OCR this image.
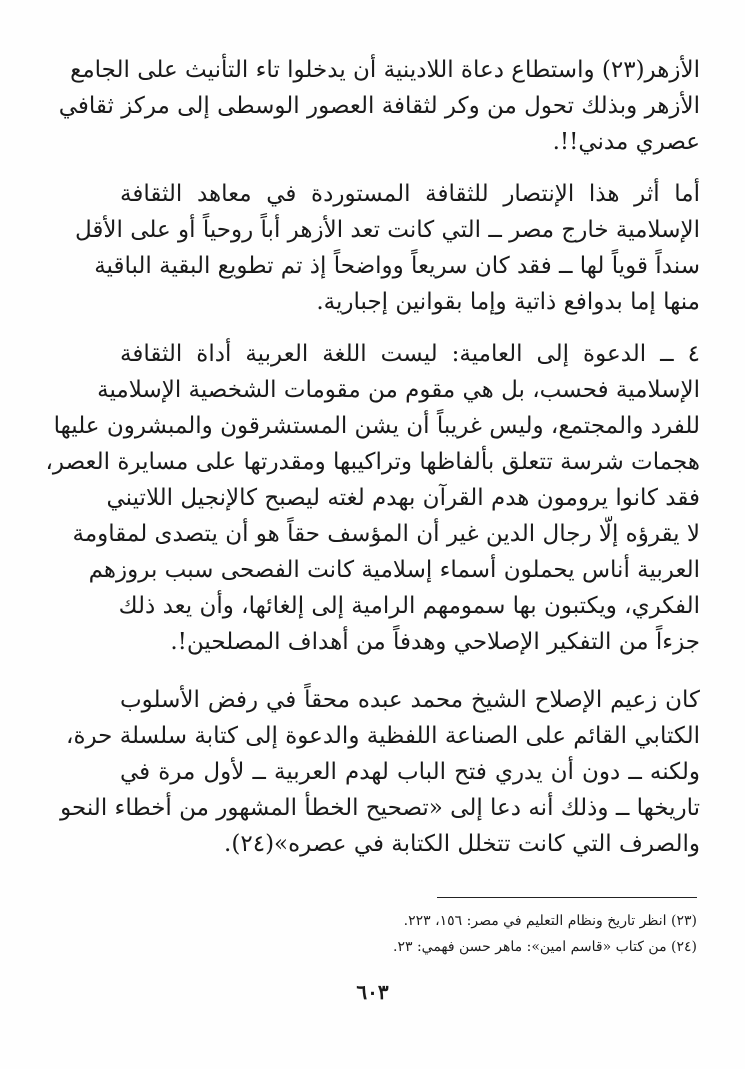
الأزهر(٢٣) واستطاع دعاة اللادينية أن يدخلوا تاء التأنيث على الجامع
الأزهر وبذلك تحول من وكر لثقافة العصور الوسطى إلى مركز ثقافي
عصري مدني!!.
أما أثر هذا الإنتصار للثقافة المستوردة في معاهد الثقافة
الإسلامية خارج مصر ــ التي كانت تعد الأزهر أباً روحياً أو على الأقل
سنداً قوياً لها ــ فقد كان سريعاً وواضحاً إذ تم تطويع البقية الباقية
منها إما بدوافع ذاتية وإما بقوانين إجبارية.
٤ ــ الدعوة إلى العامية: ليست اللغة العربية أداة الثقافة
الإسلامية فحسب، بل هي مقوم من مقومات الشخصية الإسلامية
للفرد والمجتمع، وليس غريباً أن يشن المستشرقون والمبشرون عليها
هجمات شرسة تتعلق بألفاظها وتراكيبها ومقدرتها على مسايرة العصر،
فقد كانوا يرومون هدم القرآن بهدم لغته ليصبح كالإنجيل اللاتيني
لا يقرؤه إلّا رجال الدين غير أن المؤسف حقاً هو أن يتصدى لمقاومة
العربية أناس يحملون أسماء إسلامية كانت الفصحى سبب بروزهم
الفكري، ويكتبون بها سمومهم الرامية إلى إلغائها، وأن يعد ذلك
جزءاً من التفكير الإصلاحي وهدفاً من أهداف المصلحين!.
كان زعيم الإصلاح الشيخ محمد عبده محقاً في رفض الأسلوب
الكتابي القائم على الصناعة اللفظية والدعوة إلى كتابة سلسلة حرة،
ولكنه ــ دون أن يدري فتح الباب لهدم العربية ــ لأول مرة في
تاريخها ــ وذلك أنه دعا إلى «تصحيح الخطأ المشهور من أخطاء النحو
والصرف التي كانت تتخلل الكتابة في عصره»(٢٤).
(٢٣) انظر تاريخ ونظام التعليم في مصر: ١٥٦، ٢٢٣.
(٢٤) من كتاب «قاسم امين»: ماهر حسن فهمي: ٢٣.
٦٠٣
